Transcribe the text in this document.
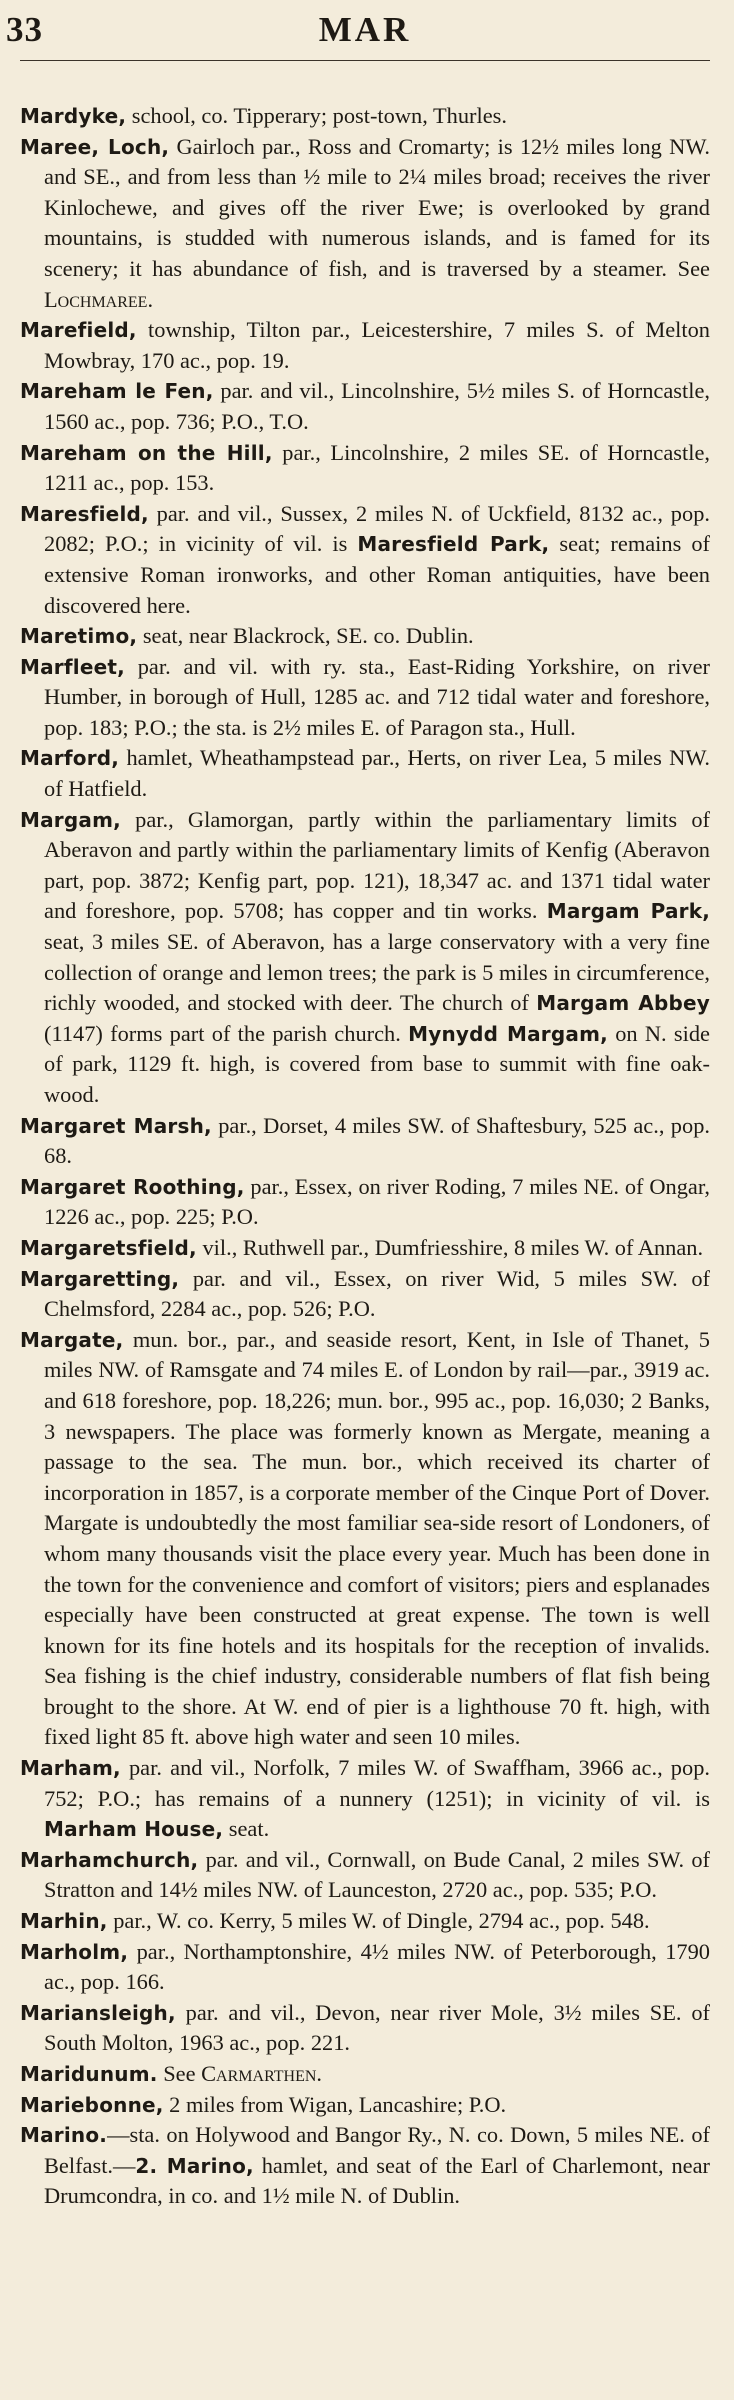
33	MAR

Mardyke, school, co. Tipperary; post-town, Thurles.

Maree, Loch, Gairloch par., Ross and Cromarty; is 12½ miles long NW. and SE., and from less than ½ mile to 2¼ miles broad; receives the river Kinlochewe, and gives off the river Ewe; is overlooked by grand mountains, is studded with numerous islands, and is famed for its scenery; it has abundance of fish, and is traversed by a steamer. See Lochmaree.

Marefield, township, Tilton par., Leicestershire, 7 miles S. of Melton Mowbray, 170 ac., pop. 19.

Mareham le Fen, par. and vil., Lincolnshire, 5½ miles S. of Horncastle, 1560 ac., pop. 736; P.O., T.O.

Mareham on the Hill, par., Lincolnshire, 2 miles SE. of Horncastle, 1211 ac., pop. 153.

Maresfield, par. and vil., Sussex, 2 miles N. of Uckfield, 8132 ac., pop. 2082; P.O.; in vicinity of vil. is Maresfield Park, seat; remains of extensive Roman ironworks, and other Roman antiquities, have been discovered here.

Maretimo, seat, near Blackrock, SE. co. Dublin.

Marfleet, par. and vil. with ry. sta., East-Riding Yorkshire, on river Humber, in borough of Hull, 1285 ac. and 712 tidal water and foreshore, pop. 183; P.O.; the sta. is 2½ miles E. of Paragon sta., Hull.

Marford, hamlet, Wheathampstead par., Herts, on river Lea, 5 miles NW. of Hatfield.

Margam, par., Glamorgan, partly within the parliamentary limits of Aberavon and partly within the parliamentary limits of Kenfig (Aberavon part, pop. 3872; Kenfig part, pop. 121), 18,347 ac. and 1371 tidal water and foreshore, pop. 5708; has copper and tin works. Margam Park, seat, 3 miles SE. of Aberavon, has a large conservatory with a very fine collection of orange and lemon trees; the park is 5 miles in circumference, richly wooded, and stocked with deer. The church of Margam Abbey (1147) forms part of the parish church. Mynydd Margam, on N. side of park, 1129 ft. high, is covered from base to summit with fine oak-wood.

Margaret Marsh, par., Dorset, 4 miles SW. of Shaftesbury, 525 ac., pop. 68.

Margaret Roothing, par., Essex, on river Roding, 7 miles NE. of Ongar, 1226 ac., pop. 225; P.O.

Margaretsfield, vil., Ruthwell par., Dumfriesshire, 8 miles W. of Annan.

Margaretting, par. and vil., Essex, on river Wid, 5 miles SW. of Chelmsford, 2284 ac., pop. 526; P.O.

Margate, mun. bor., par., and seaside resort, Kent, in Isle of Thanet, 5 miles NW. of Ramsgate and 74 miles E. of London by rail—par., 3919 ac. and 618 foreshore, pop. 18,226; mun. bor., 995 ac., pop. 16,030; 2 Banks, 3 newspapers. The place was formerly known as Mergate, meaning a passage to the sea. The mun. bor., which received its charter of incorporation in 1857, is a corporate member of the Cinque Port of Dover. Margate is undoubtedly the most familiar sea-side resort of Londoners, of whom many thousands visit the place every year. Much has been done in the town for the convenience and comfort of visitors; piers and esplanades especially have been constructed at great expense. The town is well known for its fine hotels and its hospitals for the reception of invalids. Sea fishing is the chief industry, considerable numbers of flat fish being brought to the shore. At W. end of pier is a lighthouse 70 ft. high, with fixed light 85 ft. above high water and seen 10 miles.

Marham, par. and vil., Norfolk, 7 miles W. of Swaffham, 3966 ac., pop. 752; P.O.; has remains of a nunnery (1251); in vicinity of vil. is Marham House, seat.

Marhamchurch, par. and vil., Cornwall, on Bude Canal, 2 miles SW. of Stratton and 14½ miles NW. of Launceston, 2720 ac., pop. 535; P.O.

Marhin, par., W. co. Kerry, 5 miles W. of Dingle, 2794 ac., pop. 548.

Marholm, par., Northamptonshire, 4½ miles NW. of Peterborough, 1790 ac., pop. 166.

Mariansleigh, par. and vil., Devon, near river Mole, 3½ miles SE. of South Molton, 1963 ac., pop. 221.

Maridunum. See Carmarthen.

Mariebonne, 2 miles from Wigan, Lancashire; P.O.

Marino.—sta. on Holywood and Bangor Ry., N. co. Down, 5 miles NE. of Belfast.—2. Marino, hamlet, and seat of the Earl of Charlemont, near Drumcondra, in co. and 1½ mile N. of Dublin.
